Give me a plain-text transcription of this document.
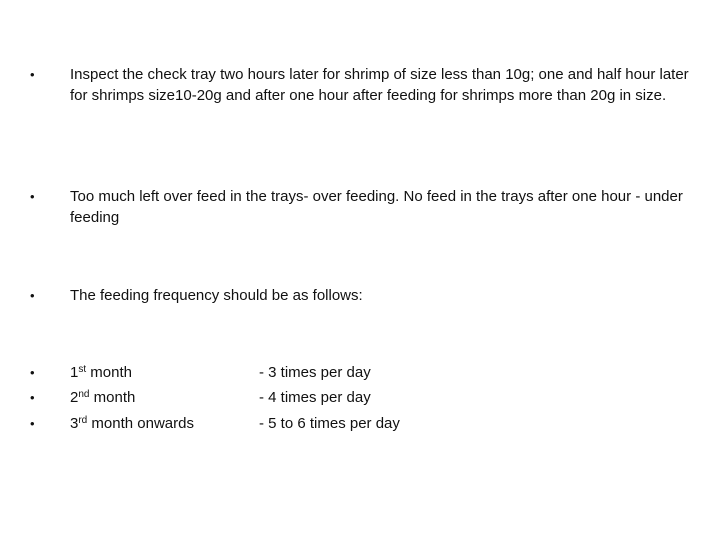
•	Inspect the check tray two hours later for shrimp of size less than 10g; one and half hour later for shrimps size10-20g and after one hour after feeding for shrimps more than 20g in size.
•	Too much left over feed in the trays- over feeding. No feed in the trays after one hour - under feeding
•	The feeding frequency should be as follows:
•	1st month	- 3 times per day
•	2nd month	- 4 times per day
•	3rd month onwards	- 5 to 6 times per day
